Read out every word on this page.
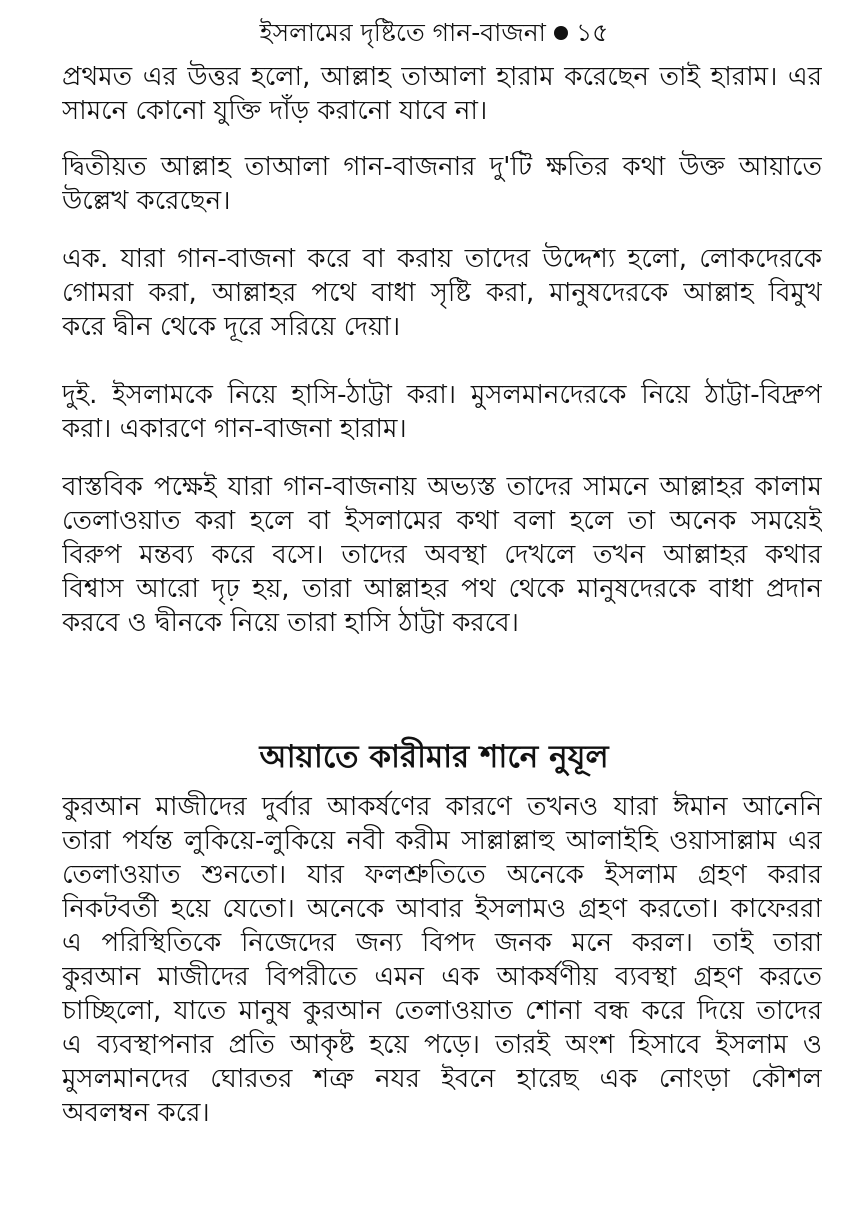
ইসলামের দৃষ্টিতে গান-বাজনা ১৫
প্রথমত এর উত্তর হলো, আল্লাহ তাআলা হারাম করেছেন তাই হারাম। এর
সামনে কোনো যুক্তি দাঁড় করানো যাবে না।
দ্বিতীয়ত আল্লাহ তাআলা গান-বাজনার দু'টি ক্ষতির কথা উক্ত আয়াতে
উল্লেখ করেছেন।
এক. যারা গান-বাজনা করে বা করায় তাদের উদ্দেশ্য হলো, লোকদেরকে
গোমরা করা, আল্লাহর পথে বাধা সৃষ্টি করা, মানুষদেরকে আল্লাহ বিমুখ
করে দ্বীন থেকে দূরে সরিয়ে দেয়া।
দুই. ইসলামকে নিয়ে হাসি-ঠাট্টা করা। মুসলমানদেরকে নিয়ে ঠাট্টা-বিদ্রুপ
করা। একারণে গান-বাজনা হারাম।
বাস্তবিক পক্ষেই যারা গান-বাজনায় অভ্যস্ত তাদের সামনে আল্লাহর কালাম
তেলাওয়াত করা হলে বা ইসলামের কথা বলা হলে তা অনেক সময়েই
বিরুপ মন্তব্য করে বসে। তাদের অবস্থা দেখলে তখন আল্লাহর কথার
বিশ্বাস আরো দৃঢ় হয়, তারা আল্লাহর পথ থেকে মানুষদেরকে বাধা প্রদান
করবে ও দ্বীনকে নিয়ে তারা হাসি ঠাট্টা করবে।
আয়াতে কারীমার শানে নুযূল
কুরআন মাজীদের দুর্বার আকর্ষণের কারণে তখনও যারা ঈমান আনেনি
তারা পর্যন্ত লুকিয়ে-লুকিয়ে নবী করীম সাল্লাল্লাহু আলাইহি ওয়াসাল্লাম এর
তেলাওয়াত শুনতো। যার ফলশ্রুতিতে অনেকে ইসলাম গ্রহণ করার
নিকটবর্তী হয়ে যেতো। অনেকে আবার ইসলামও গ্রহণ করতো। কাফেররা
এ পরিস্থিতিকে নিজেদের জন্য বিপদ জনক মনে করল। তাই তারা
কুরআন মাজীদের বিপরীতে এমন এক আকর্ষণীয় ব্যবস্থা গ্রহণ করতে
চাচ্ছিলো, যাতে মানুষ কুরআন তেলাওয়াত শোনা বন্ধ করে দিয়ে তাদের
এ ব্যবস্থাপনার প্রতি আকৃষ্ট হয়ে পড়ে। তারই অংশ হিসাবে ইসলাম ও
মুসলমানদের ঘোরতর শত্রু নযর ইবনে হারেছ এক নোংড়া কৌশল
অবলম্বন করে।
